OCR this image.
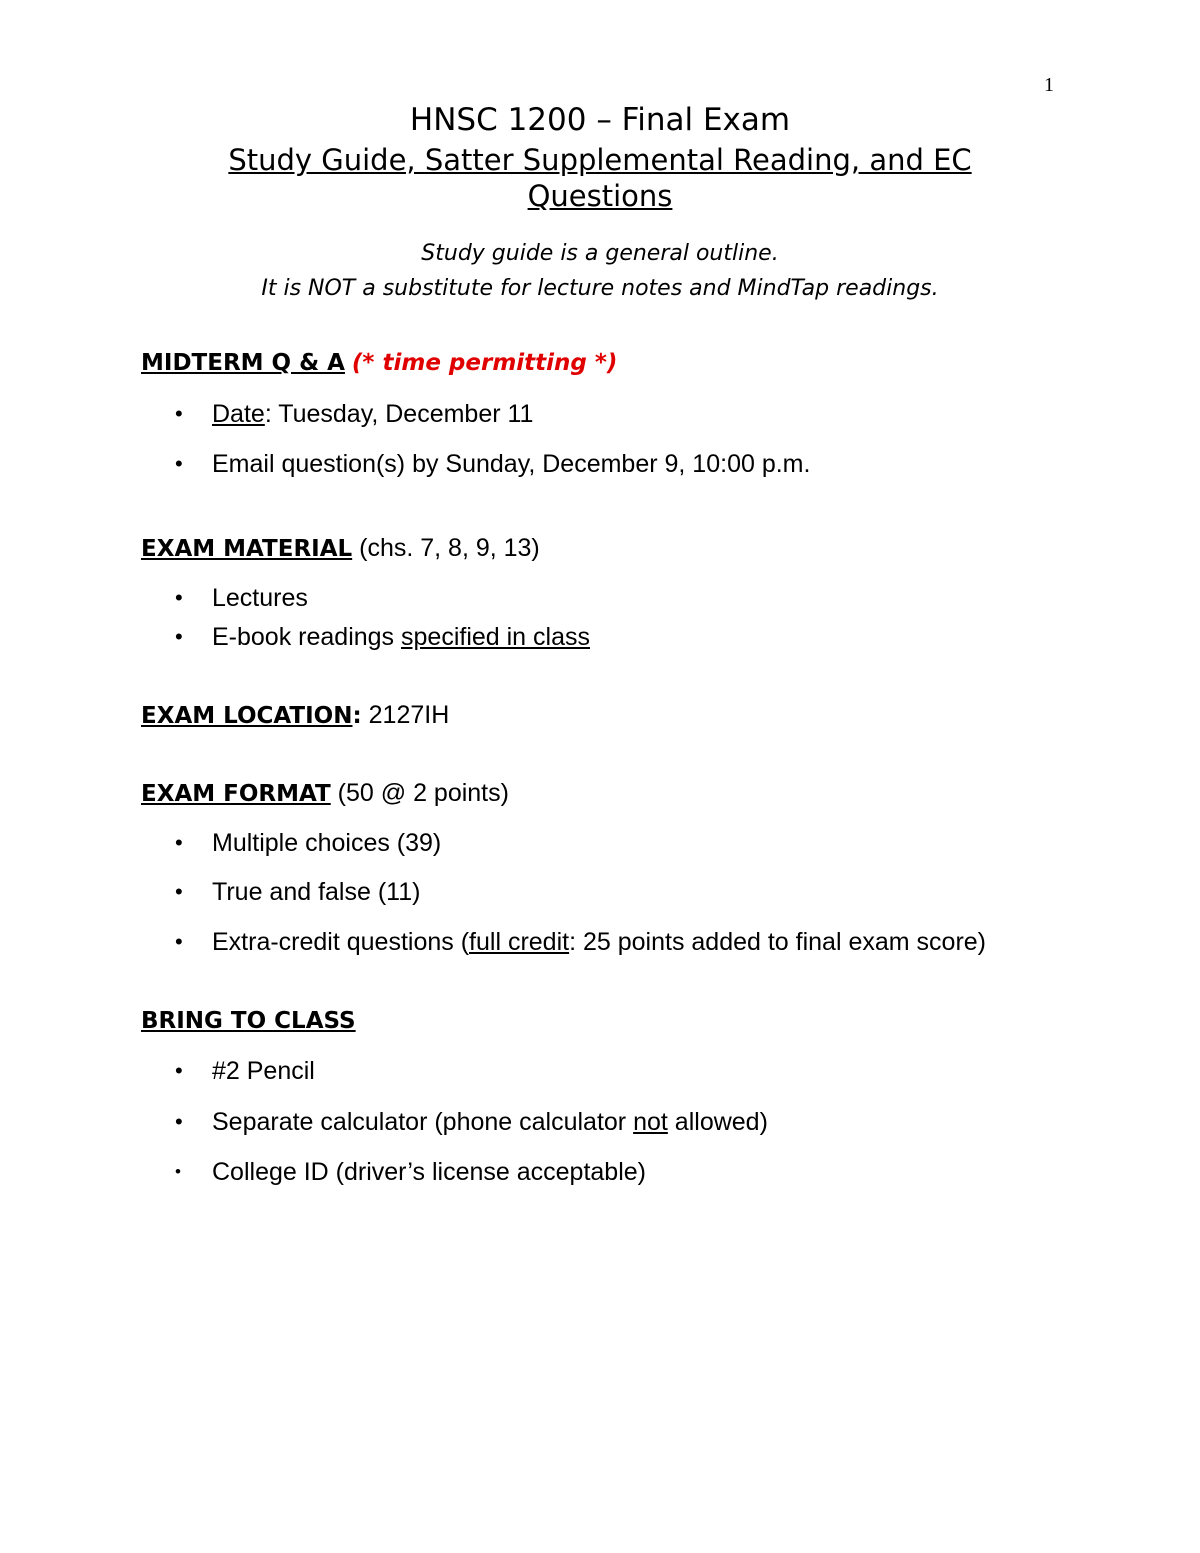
1

HNSC 1200 – Final Exam

Study Guide, Satter Supplemental Reading, and EC Questions

Study guide is a general outline.

It is NOT a substitute for lecture notes and MindTap readings.

MIDTERM Q & A (* time permitting *)
• Date: Tuesday, December 11
• Email question(s) by Sunday, December 9, 10:00 p.m.
EXAM MATERIAL (chs. 7, 8, 9, 13)
• Lectures
• E-book readings specified in class
EXAM LOCATION: 2127IH
EXAM FORMAT (50 @ 2 points)
• Multiple choices (39)
• True and false (11)
• Extra-credit questions (full credit: 25 points added to final exam score)
BRING TO CLASS
• #2 Pencil
• Separate calculator (phone calculator not allowed)
• College ID (driver’s license acceptable)
